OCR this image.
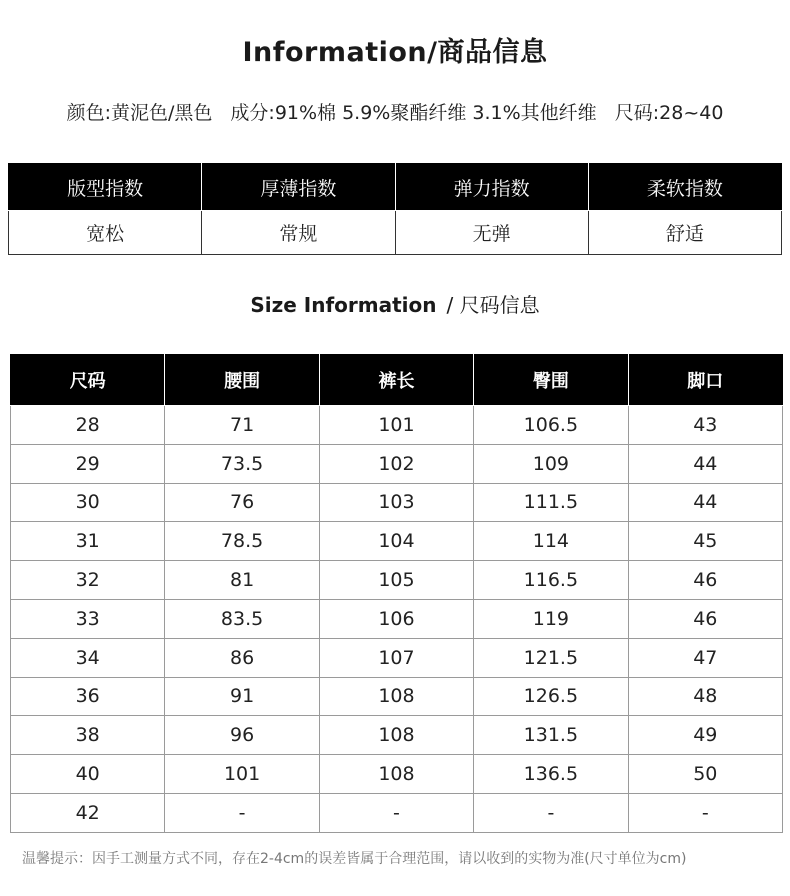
Information/商品信息
颜色:黄泥色/黑色 成分:91%棉 5.9%聚酯纤维 3.1%其他纤维 尺码:28~40
版型指数	厚薄指数	弹力指数	柔软指数
宽松	常规	无弹	舒适
Size Information / 尺码信息
尺码	腰围	裤长	臀围	脚口
28	71	101	106.5	43
29	73.5	102	109	44
30	76	103	111.5	44
31	78.5	104	114	45
32	81	105	116.5	46
33	83.5	106	119	46
34	86	107	121.5	47
36	91	108	126.5	48
38	96	108	131.5	49
40	101	108	136.5	50
42	-	-	-	-
温馨提示：因手工测量方式不同，存在2-4cm的误差皆属于合理范围，请以收到的实物为准(尺寸单位为cm)
